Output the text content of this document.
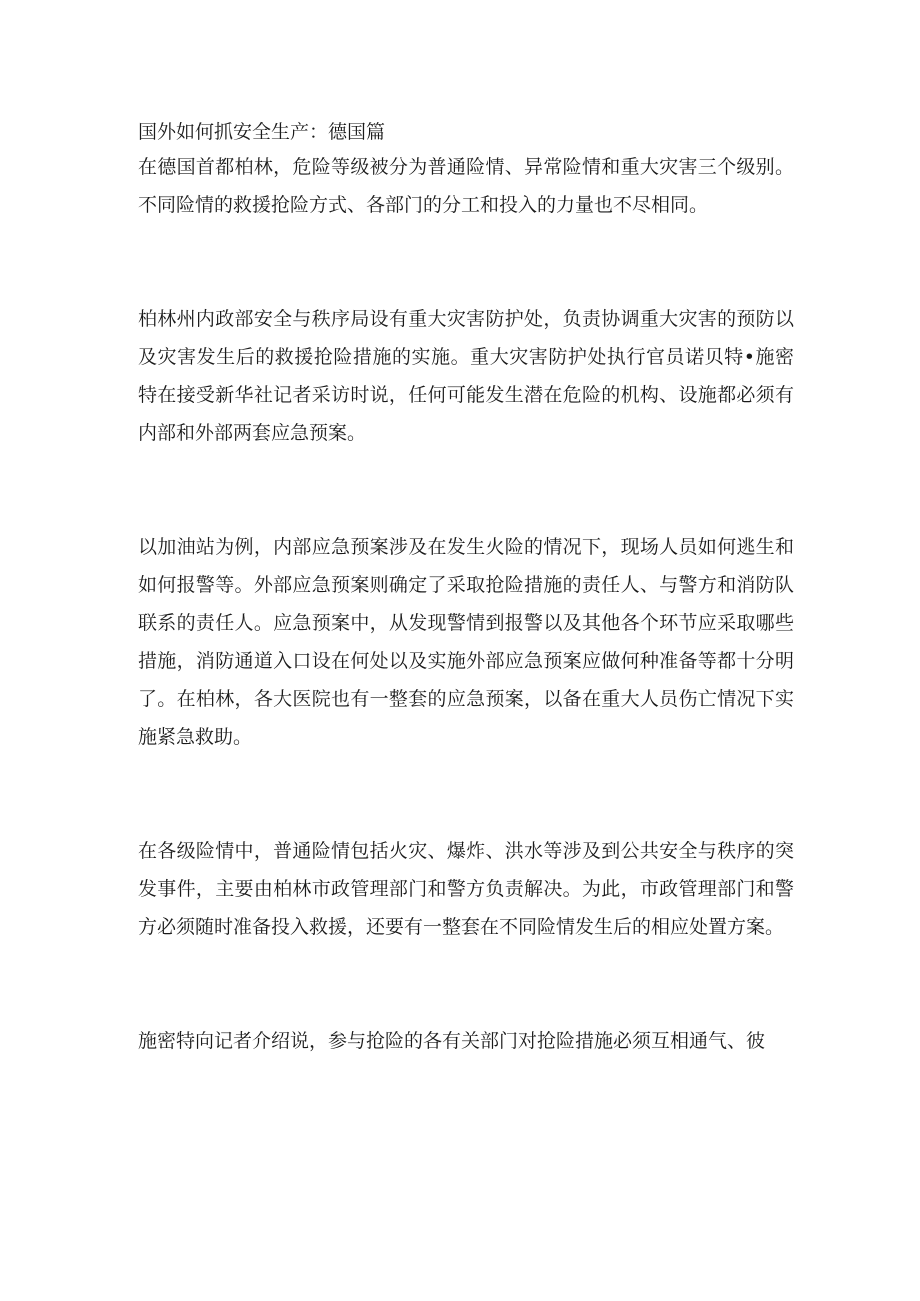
国外如何抓安全生产：德国篇

在德国首都柏林，危险等级被分为普通险情、异常险情和重大灾害三个级别。不同险情的救援抢险方式、各部门的分工和投入的力量也不尽相同。

柏林州内政部安全与秩序局设有重大灾害防护处，负责协调重大灾害的预防以及灾害发生后的救援抢险措施的实施。重大灾害防护处执行官员诺贝特•施密特在接受新华社记者采访时说，任何可能发生潜在危险的机构、设施都必须有内部和外部两套应急预案。

以加油站为例，内部应急预案涉及在发生火险的情况下，现场人员如何逃生和如何报警等。外部应急预案则确定了采取抢险措施的责任人、与警方和消防队联系的责任人。应急预案中，从发现警情到报警以及其他各个环节应采取哪些措施，消防通道入口设在何处以及实施外部应急预案应做何种准备等都十分明了。在柏林，各大医院也有一整套的应急预案，以备在重大人员伤亡情况下实施紧急救助。

在各级险情中，普通险情包括火灾、爆炸、洪水等涉及到公共安全与秩序的突发事件，主要由柏林市政管理部门和警方负责解决。为此，市政管理部门和警方必须随时准备投入救援，还要有一整套在不同险情发生后的相应处置方案。

施密特向记者介绍说，参与抢险的各有关部门对抢险措施必须互相通气、彼
